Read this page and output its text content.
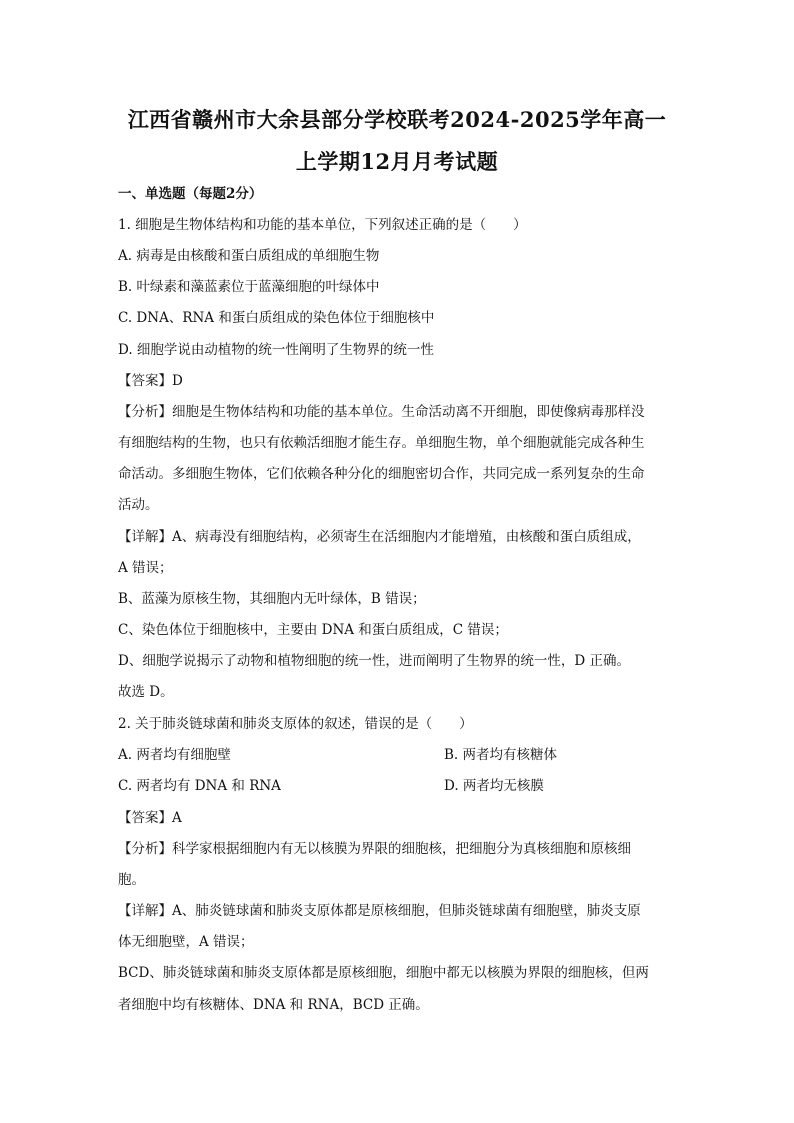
江西省赣州市大余县部分学校联考2024-2025学年高一
上学期12月月考试题
一、单选题（每题2分）
1. 细胞是生物体结构和功能的基本单位，下列叙述正确的是（　　）
A. 病毒是由核酸和蛋白质组成的单细胞生物
B. 叶绿素和藻蓝素位于蓝藻细胞的叶绿体中
C. DNA、RNA 和蛋白质组成的染色体位于细胞核中
D. 细胞学说由动植物的统一性阐明了生物界的统一性
【答案】D
【分析】细胞是生物体结构和功能的基本单位。生命活动离不开细胞，即使像病毒那样没
有细胞结构的生物，也只有依赖活细胞才能生存。单细胞生物，单个细胞就能完成各种生
命活动。多细胞生物体，它们依赖各种分化的细胞密切合作，共同完成一系列复杂的生命
活动。
【详解】A、病毒没有细胞结构，必须寄生在活细胞内才能增殖，由核酸和蛋白质组成，
A 错误；
B、蓝藻为原核生物，其细胞内无叶绿体，B 错误；
C、染色体位于细胞核中，主要由 DNA 和蛋白质组成，C 错误；
D、细胞学说揭示了动物和植物细胞的统一性，进而阐明了生物界的统一性，D 正确。
故选 D。
2. 关于肺炎链球菌和肺炎支原体的叙述，错误的是（　　）
A. 两者均有细胞壁	B. 两者均有核糖体
C. 两者均有 DNA 和 RNA	D. 两者均无核膜
【答案】A
【分析】科学家根据细胞内有无以核膜为界限的细胞核，把细胞分为真核细胞和原核细
胞。
【详解】A、肺炎链球菌和肺炎支原体都是原核细胞，但肺炎链球菌有细胞壁，肺炎支原
体无细胞壁，A 错误；
BCD、肺炎链球菌和肺炎支原体都是原核细胞，细胞中都无以核膜为界限的细胞核，但两
者细胞中均有核糖体、DNA 和 RNA，BCD 正确。
